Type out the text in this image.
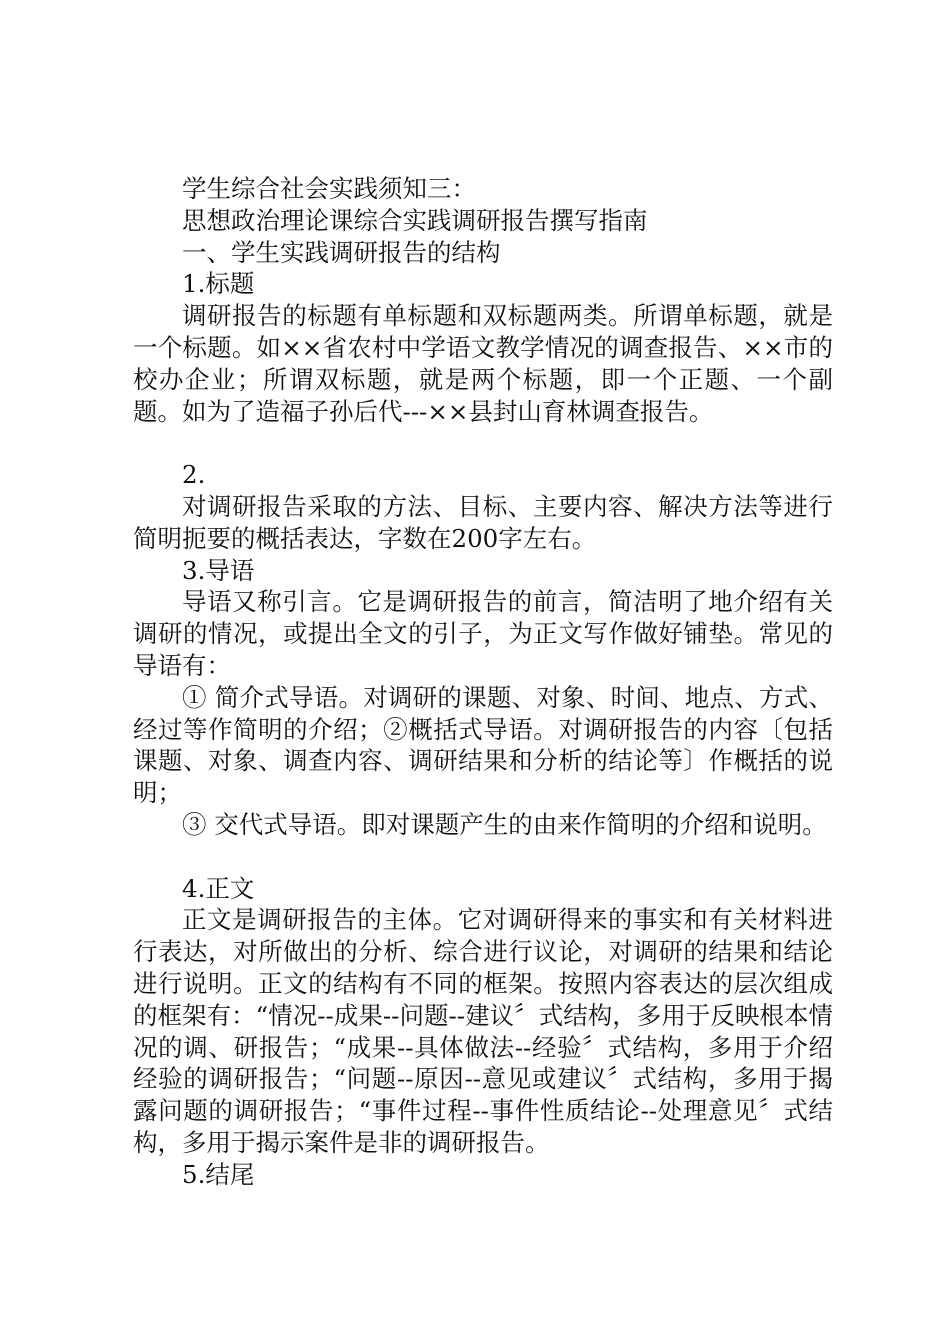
学生综合社会实践须知三：

思想政治理论课综合实践调研报告撰写指南

一、学生实践调研报告的结构

1.标题

调研报告的标题有单标题和双标题两类。所谓单标题，就是一个标题。如××省农村中学语文教学情况的调查报告、××市的校办企业；所谓双标题，就是两个标题，即一个正题、一个副题。如为了造福子孙后代---××县封山育林调查报告。

2.

对调研报告采取的方法、目标、主要内容、解决方法等进行简明扼要的概括表达，字数在200字左右。

3.导语

导语又称引言。它是调研报告的前言，简洁明了地介绍有关调研的情况，或提出全文的引子，为正文写作做好铺垫。常见的导语有：

① 简介式导语。对调研的课题、对象、时间、地点、方式、经过等作简明的介绍；②概括式导语。对调研报告的内容〔包括课题、对象、调查内容、调研结果和分析的结论等〕作概括的说明；

③ 交代式导语。即对课题产生的由来作简明的介绍和说明。

4.正文

正文是调研报告的主体。它对调研得来的事实和有关材料进行表达，对所做出的分析、综合进行议论，对调研的结果和结论进行说明。正文的结构有不同的框架。按照内容表达的层次组成的框架有：“情况--成果--问题--建议〞式结构，多用于反映根本情况的调、研报告；“成果--具体做法--经验〞式结构，多用于介绍经验的调研报告；“问题--原因--意见或建议〞式结构，多用于揭露问题的调研报告；“事件过程--事件性质结论--处理意见〞式结构，多用于揭示案件是非的调研报告。

5.结尾
